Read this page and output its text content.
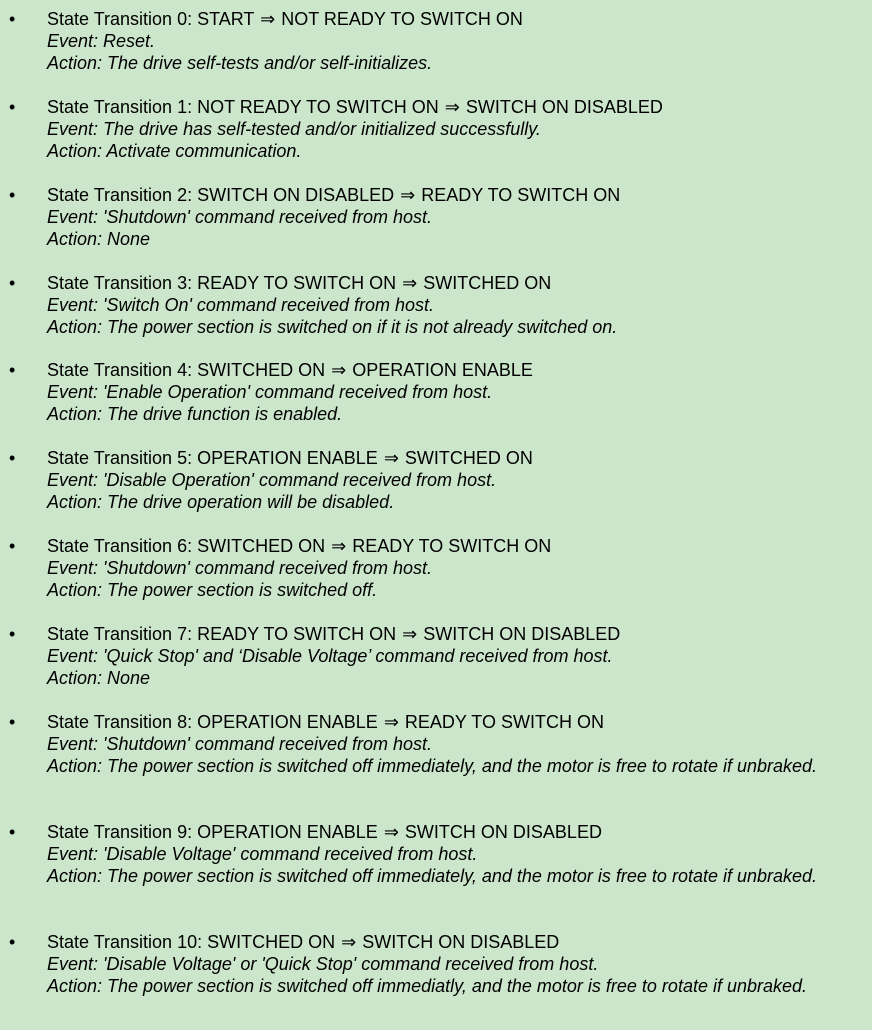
• State Transition 0: START ⇒ NOT READY TO SWITCH ON
Event: Reset.
Action: The drive self-tests and/or self-initializes.
• State Transition 1: NOT READY TO SWITCH ON ⇒ SWITCH ON DISABLED
Event: The drive has self-tested and/or initialized successfully.
Action: Activate communication.
• State Transition 2: SWITCH ON DISABLED ⇒ READY TO SWITCH ON
Event: 'Shutdown' command received from host.
Action: None
• State Transition 3: READY TO SWITCH ON ⇒ SWITCHED ON
Event: 'Switch On' command received from host.
Action: The power section is switched on if it is not already switched on.
• State Transition 4: SWITCHED ON ⇒ OPERATION ENABLE
Event: 'Enable Operation' command received from host.
Action: The drive function is enabled.
• State Transition 5: OPERATION ENABLE ⇒ SWITCHED ON
Event: 'Disable Operation' command received from host.
Action: The drive operation will be disabled.
• State Transition 6: SWITCHED ON ⇒ READY TO SWITCH ON
Event: 'Shutdown' command received from host.
Action: The power section is switched off.
• State Transition 7: READY TO SWITCH ON ⇒ SWITCH ON DISABLED
Event: 'Quick Stop' and ‘Disable Voltage’ command received from host.
Action: None
• State Transition 8: OPERATION ENABLE ⇒ READY TO SWITCH ON
Event: 'Shutdown' command received from host.
Action: The power section is switched off immediately, and the motor is free to rotate if unbraked.
• State Transition 9: OPERATION ENABLE ⇒ SWITCH ON DISABLED
Event: 'Disable Voltage' command received from host.
Action: The power section is switched off immediately, and the motor is free to rotate if unbraked.
• State Transition 10: SWITCHED ON ⇒ SWITCH ON DISABLED
Event: 'Disable Voltage' or 'Quick Stop' command received from host.
Action: The power section is switched off immediatly, and the motor is free to rotate if unbraked.
